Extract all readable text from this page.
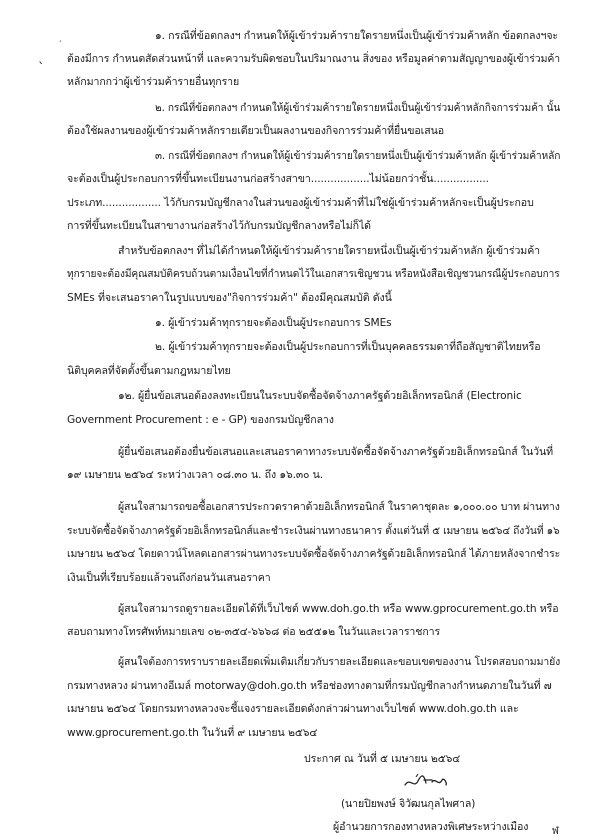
ˎ
ˊ
๑. กรณีที่ข้อตกลงฯ กำหนดให้ผู้เข้าร่วมค้ารายใดรายหนึ่งเป็นผู้เข้าร่วมค้าหลัก ข้อตกลงฯจะ
ต้องมีการ กำหนดสัดส่วนหน้าที่ และความรับผิดชอบในปริมาณงาน สิ่งของ หรือมูลค่าตามสัญญาของผู้เข้าร่วมค้า
หลักมากกว่าผู้เข้าร่วมค้ารายอื่นทุกราย
๒. กรณีที่ข้อตกลงฯ กำหนดให้ผู้เข้าร่วมค้ารายใดรายหนึ่งเป็นผู้เข้าร่วมค้าหลักกิจการร่วมค้า นั้น
ต้องใช้ผลงานของผู้เข้าร่วมค้าหลักรายเดียวเป็นผลงานของกิจการร่วมค้าที่ยื่นขอเสนอ
๓. กรณีที่ข้อตกลงฯ กำหนดให้ผู้เข้าร่วมค้ารายใดรายหนึ่งเป็นผู้เข้าร่วมค้าหลัก ผู้เข้าร่วมค้าหลัก
จะต้องเป็นผู้ประกอบการที่ขึ้นทะเบียนงานก่อสร้างสาขา..................ไม่น้อยกว่าชั้น.................
ประเภท.................. ไว้กับกรมบัญชีกลางในส่วนของผู้เข้าร่วมค้าที่ไม่ใช่ผู้เข้าร่วมค้าหลักจะเป็นผู้ประกอบ
การที่ขึ้นทะเบียนในสาขางานก่อสร้างไว้กับกรมบัญชีกลางหรือไม่ก็ได้
สำหรับข้อตกลงฯ ที่ไม่ได้กำหนดให้ผู้เข้าร่วมค้ารายใดรายหนึ่งเป็นผู้เข้าร่วมค้าหลัก ผู้เข้าร่วมค้า
ทุกรายจะต้องมีคุณสมบัติครบถ้วนตามเงื่อนไขที่กำหนดไว้ในเอกสารเชิญชวน หรือหนังสือเชิญชวนกรณีผู้ประกอบการ
SMEs ที่จะเสนอราคาในรูปแบบของ"กิจการร่วมค้า" ต้องมีคุณสมบัติ ดังนี้
๑. ผู้เข้าร่วมค้าทุกรายจะต้องเป็นผู้ประกอบการ SMEs
๒. ผู้เข้าร่วมค้าทุกรายจะต้องเป็นผู้ประกอบการที่เป็นบุคคลธรรมดาที่ถือสัญชาติไทยหรือ
นิติบุคคลที่จัดตั้งขึ้นตามกฎหมายไทย
๑๒. ผู้ยื่นข้อเสนอต้องลงทะเบียนในระบบจัดซื้อจัดจ้างภาครัฐด้วยอิเล็กทรอนิกส์ (Electronic
Government Procurement : e - GP) ของกรมบัญชีกลาง
ผู้ยื่นข้อเสนอต้องยื่นข้อเสนอและเสนอราคาทางระบบจัดซื้อจัดจ้างภาครัฐด้วยอิเล็กทรอนิกส์ ในวันที่
๑๙ เมษายน ๒๕๖๔ ระหว่างเวลา ๐๘.๓๐ น. ถึง ๑๖.๓๐ น.
ผู้สนใจสามารถขอซื้อเอกสารประกวดราคาด้วยอิเล็กทรอนิกส์ ในราคาชุดละ ๑,๐๐๐.๐๐ บาท ผ่านทาง
ระบบจัดซื้อจัดจ้างภาครัฐด้วยอิเล็กทรอนิกส์และชำระเงินผ่านทางธนาคาร ตั้งแต่วันที่ ๕ เมษายน ๒๕๖๔ ถึงวันที่ ๑๖
เมษายน ๒๕๖๔ โดยดาวน์โหลดเอกสารผ่านทางระบบจัดซื้อจัดจ้างภาครัฐด้วยอิเล็กทรอนิกส์ ได้ภายหลังจากชำระ
เงินเป็นที่เรียบร้อยแล้วจนถึงก่อนวันเสนอราคา
ผู้สนใจสามารถดูรายละเอียดได้ที่เว็บไซต์ www.doh.go.th หรือ www.gprocurement.go.th หรือ
สอบถามทางโทรศัพท์หมายเลข ๐๒-๓๕๔-๖๖๖๘ ต่อ ๒๕๕๑๒ ในวันและเวลาราชการ
ผู้สนใจต้องการทราบรายละเอียดเพิ่มเติมเกี่ยวกับรายละเอียดและขอบเขตของงาน โปรดสอบถามมายัง
กรมทางหลวง ผ่านทางอีเมล์ motorway@doh.go.th หรือช่องทางตามที่กรมบัญชีกลางกำหนดภายในวันที่ ๗
เมษายน ๒๕๖๔ โดยกรมทางหลวงจะชี้แจงรายละเอียดดังกล่าวผ่านทางเว็บไซต์ www.doh.go.th และ
www.gprocurement.go.th ในวันที่ ๙ เมษายน ๒๕๖๔
ประกาศ ณ วันที่ ๕ เมษายน ๒๕๖๔
(นายปิยพงษ์ จิวัฒนกุลไพศาล)
ผู้อำนวยการกองทางหลวงพิเศษระหว่างเมือง ฬ
